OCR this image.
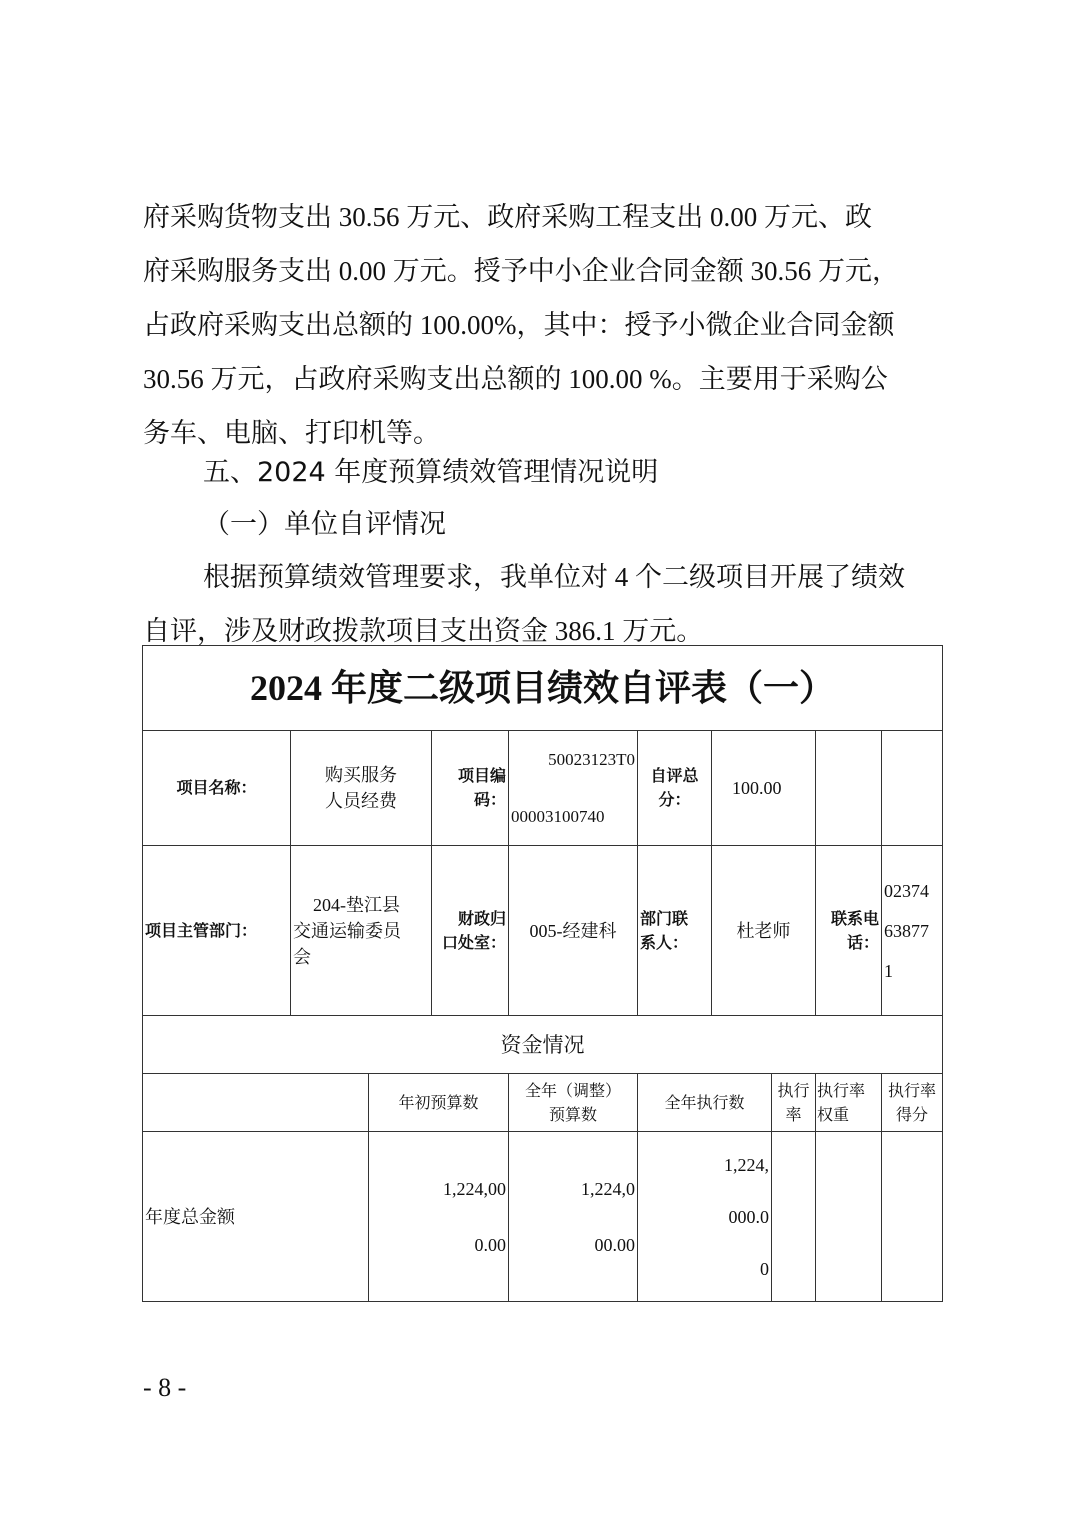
府采购货物支出 30.56 万元、政府采购工程支出 0.00 万元、政
府采购服务支出 0.00 万元。授予中小企业合同金额 30.56 万元，
占政府采购支出总额的 100.00%，其中：授予小微企业合同金额
30.56 万元，占政府采购支出总额的 100.00 %。主要用于采购公
务车、电脑、打印机等。
五、2024 年度预算绩效管理情况说明
（一）单位自评情况
根据预算绩效管理要求，我单位对 4 个二级项目开展了绩效
自评，涉及财政拨款项目支出资金 386.1 万元。
2024 年度二级项目绩效自评表（一）
项目名称：
购买服务
人员经费
项目编
码：
50023123T0
00003100740
自评总
分：
100.00
项目主管部门：
204-垫江县
交通运输委员
会
财政归
口处室：
005-经建科
部门联
系人：
杜老师
联系电
话：
02374
63877
1
资金情况
年初预算数
全年（调整）
预算数
全年执行数
执行
率
执行率
权重
执行率
得分
年度总金额
1,224,00
0.00
1,224,0
00.00
1,224,
000.0
0
- 8 -
